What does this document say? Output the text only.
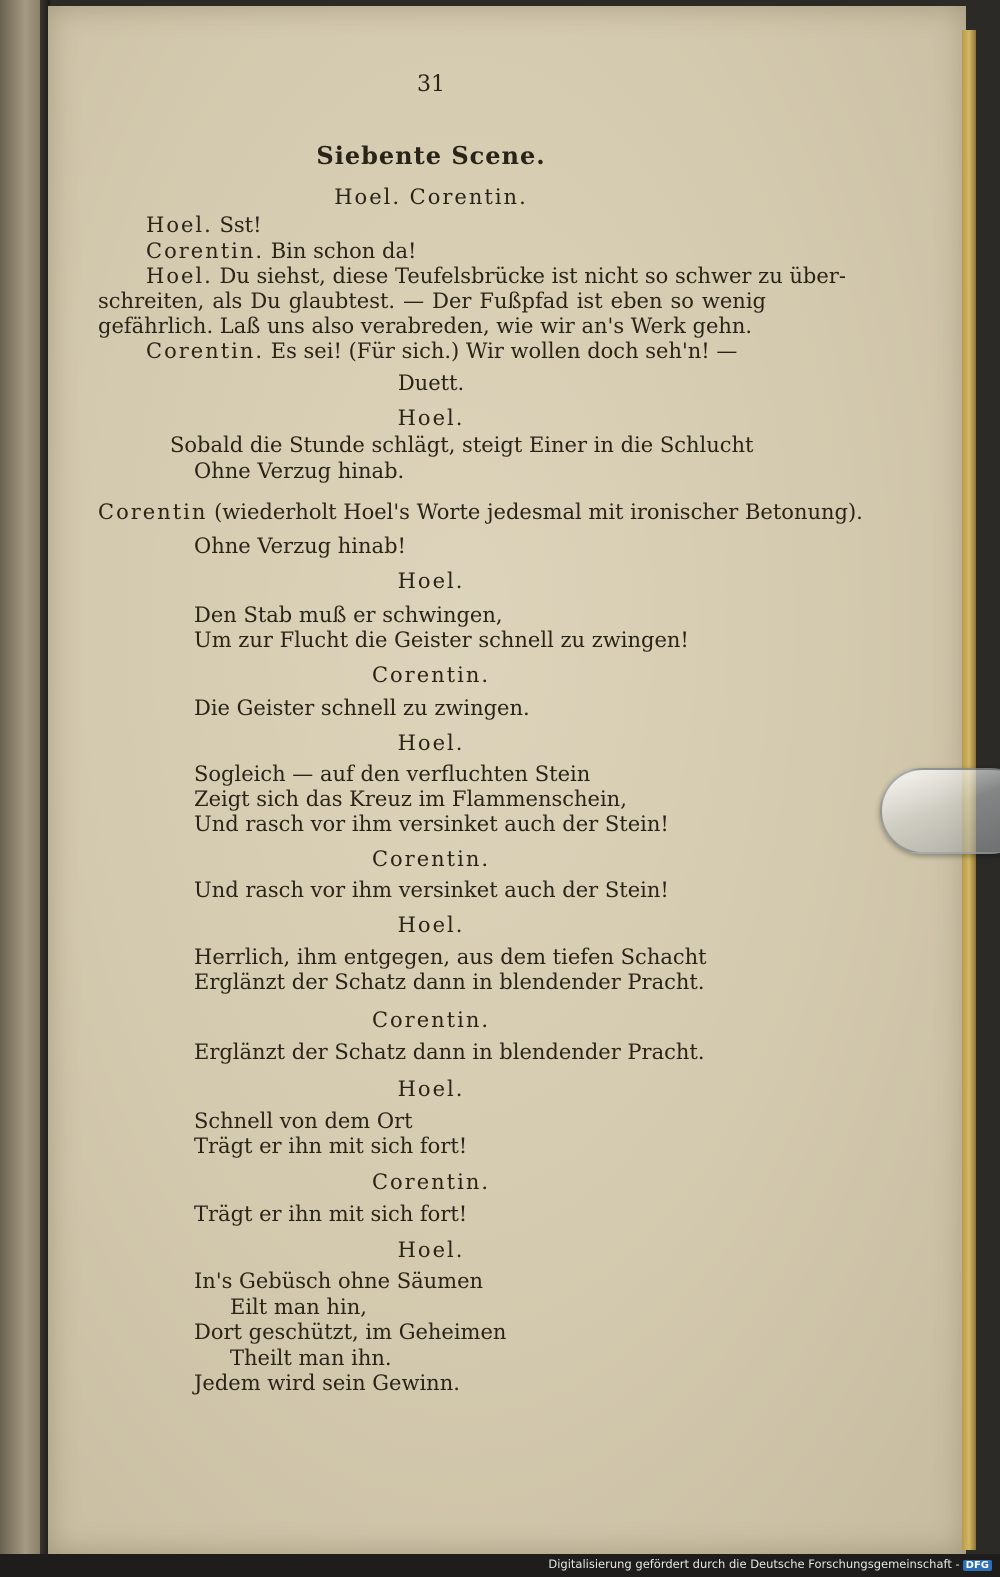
31
Siebente Scene.
Hoel. Corentin.
Hoel. Sst!
Corentin. Bin schon da!
Hoel. Du siehst, diese Teufelsbrücke ist nicht so schwer zu über-
schreiten, als Du glaubtest. — Der Fußpfad ist eben so wenig
gefährlich. Laß uns also verabreden, wie wir an's Werk gehn.
Corentin. Es sei! (Für sich.) Wir wollen doch seh'n! —
Duett.
Hoel.
Sobald die Stunde schlägt, steigt Einer in die Schlucht
Ohne Verzug hinab.
Corentin (wiederholt Hoel's Worte jedesmal mit ironischer Betonung).
Ohne Verzug hinab!
Hoel.
Den Stab muß er schwingen,
Um zur Flucht die Geister schnell zu zwingen!
Corentin.
Die Geister schnell zu zwingen.
Hoel.
Sogleich — auf den verfluchten Stein
Zeigt sich das Kreuz im Flammenschein,
Und rasch vor ihm versinket auch der Stein!
Corentin.
Und rasch vor ihm versinket auch der Stein!
Hoel.
Herrlich, ihm entgegen, aus dem tiefen Schacht
Erglänzt der Schatz dann in blendender Pracht.
Corentin.
Erglänzt der Schatz dann in blendender Pracht.
Hoel.
Schnell von dem Ort
Trägt er ihn mit sich fort!
Corentin.
Trägt er ihn mit sich fort!
Hoel.
In's Gebüsch ohne Säumen
Eilt man hin,
Dort geschützt, im Geheimen
Theilt man ihn.
Jedem wird sein Gewinn.
Digitalisierung gefördert durch die Deutsche Forschungsgemeinschaft - DFG
